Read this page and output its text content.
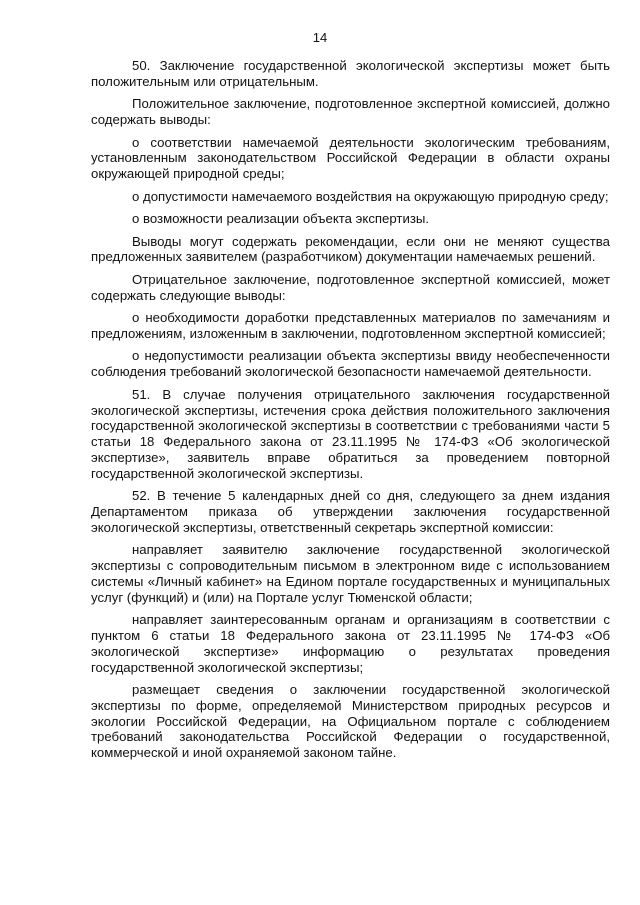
14

50. Заключение государственной экологической экспертизы может быть положительным или отрицательным.

Положительное заключение, подготовленное экспертной комиссией, должно содержать выводы:

о соответствии намечаемой деятельности экологическим требованиям, установленным законодательством Российской Федерации в области охраны окружающей природной среды;

о допустимости намечаемого воздействия на окружающую природную среду;

о возможности реализации объекта экспертизы.

Выводы могут содержать рекомендации, если они не меняют существа предложенных заявителем (разработчиком) документации намечаемых решений.

Отрицательное заключение, подготовленное экспертной комиссией, может содержать следующие выводы:

о необходимости доработки представленных материалов по замечаниям и предложениям, изложенным в заключении, подготовленном экспертной комиссией;

о недопустимости реализации объекта экспертизы ввиду необеспеченности соблюдения требований экологической безопасности намечаемой деятельности.

51. В случае получения отрицательного заключения государственной экологической экспертизы, истечения срока действия положительного заключения государственной экологической экспертизы в соответствии с требованиями части 5 статьи 18 Федерального закона от 23.11.1995 № 174-ФЗ «Об экологической экспертизе», заявитель вправе обратиться за проведением повторной государственной экологической экспертизы.

52. В течение 5 календарных дней со дня, следующего за днем издания Департаментом приказа об утверждении заключения государственной экологической экспертизы, ответственный секретарь экспертной комиссии:

направляет заявителю заключение государственной экологической экспертизы с сопроводительным письмом в электронном виде с использованием системы «Личный кабинет» на Едином портале государственных и муниципальных услуг (функций) и (или) на Портале услуг Тюменской области;

направляет заинтересованным органам и организациям в соответствии с пунктом 6 статьи 18 Федерального закона от 23.11.1995 № 174-ФЗ «Об экологической экспертизе» информацию о результатах проведения государственной экологической экспертизы;

размещает сведения о заключении государственной экологической экспертизы по форме, определяемой Министерством природных ресурсов и экологии Российской Федерации, на Официальном портале с соблюдением требований законодательства Российской Федерации о государственной, коммерческой и иной охраняемой законом тайне.
